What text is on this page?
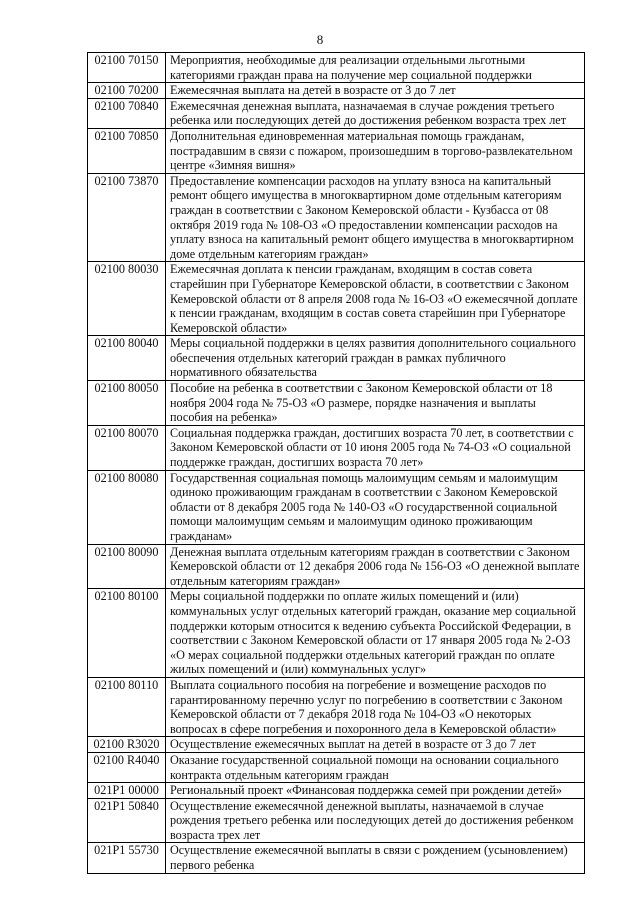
8
02100 70150	Мероприятия, необходимые для реализации отдельными льготными категориями граждан права на получение мер социальной поддержки
02100 70200	Ежемесячная выплата на детей в возрасте от 3 до 7 лет
02100 70840	Ежемесячная денежная выплата, назначаемая в случае рождения третьего ребенка или последующих детей до достижения ребенком возраста трех лет
02100 70850	Дополнительная единовременная материальная помощь гражданам, пострадавшим в связи с пожаром, произошедшим в торгово-развлекательном центре «Зимняя вишня»
02100 73870	Предоставление компенсации расходов на уплату взноса на капитальный ремонт общего имущества в многоквартирном доме отдельным категориям граждан в соответствии с Законом Кемеровской области - Кузбасса от 08 октября 2019 года № 108-ОЗ «О предоставлении компенсации расходов на уплату взноса на капитальный ремонт общего имущества в многоквартирном доме отдельным категориям граждан»
02100 80030	Ежемесячная доплата к пенсии гражданам, входящим в состав совета старейшин при Губернаторе Кемеровской области, в соответствии с Законом Кемеровской области от 8 апреля 2008 года № 16-ОЗ «О ежемесячной доплате к пенсии гражданам, входящим в состав совета старейшин при Губернаторе Кемеровской области»
02100 80040	Меры социальной поддержки в целях развития дополнительного социального обеспечения отдельных категорий граждан в рамках публичного нормативного обязательства
02100 80050	Пособие на ребенка в соответствии с Законом Кемеровской области от 18 ноября 2004 года № 75-ОЗ «О размере, порядке назначения и выплаты пособия на ребенка»
02100 80070	Социальная поддержка граждан, достигших возраста 70 лет, в соответствии с Законом Кемеровской области от 10 июня 2005 года № 74-ОЗ «О социальной поддержке граждан, достигших возраста 70 лет»
02100 80080	Государственная социальная помощь малоимущим семьям и малоимущим одиноко проживающим гражданам в соответствии с Законом Кемеровской области от 8 декабря 2005 года № 140-ОЗ «О государственной социальной помощи малоимущим семьям и малоимущим одиноко проживающим гражданам»
02100 80090	Денежная выплата отдельным категориям граждан в соответствии с Законом Кемеровской области от 12 декабря 2006 года № 156-ОЗ «О денежной выплате отдельным категориям граждан»
02100 80100	Меры социальной поддержки по оплате жилых помещений и (или) коммунальных услуг отдельных категорий граждан, оказание мер социальной поддержки которым относится к ведению субъекта Российской Федерации, в соответствии с Законом Кемеровской области от 17 января 2005 года № 2-ОЗ «О мерах социальной поддержки отдельных категорий граждан по оплате жилых помещений и (или) коммунальных услуг»
02100 80110	Выплата социального пособия на погребение и возмещение расходов по гарантированному перечню услуг по погребению в соответствии с Законом Кемеровской области от 7 декабря 2018 года № 104-ОЗ «О некоторых вопросах в сфере погребения и похоронного дела в Кемеровской области»
02100 R3020	Осуществление ежемесячных выплат на детей в возрасте от 3 до 7 лет
02100 R4040	Оказание государственной социальной помощи на основании социального контракта отдельным категориям граждан
021P1 00000	Региональный проект «Финансовая поддержка семей при рождении детей»
021P1 50840	Осуществление ежемесячной денежной выплаты, назначаемой в случае рождения третьего ребенка или последующих детей до достижения ребенком возраста трех лет
021P1 55730	Осуществление ежемесячной выплаты в связи с рождением (усыновлением) первого ребенка
